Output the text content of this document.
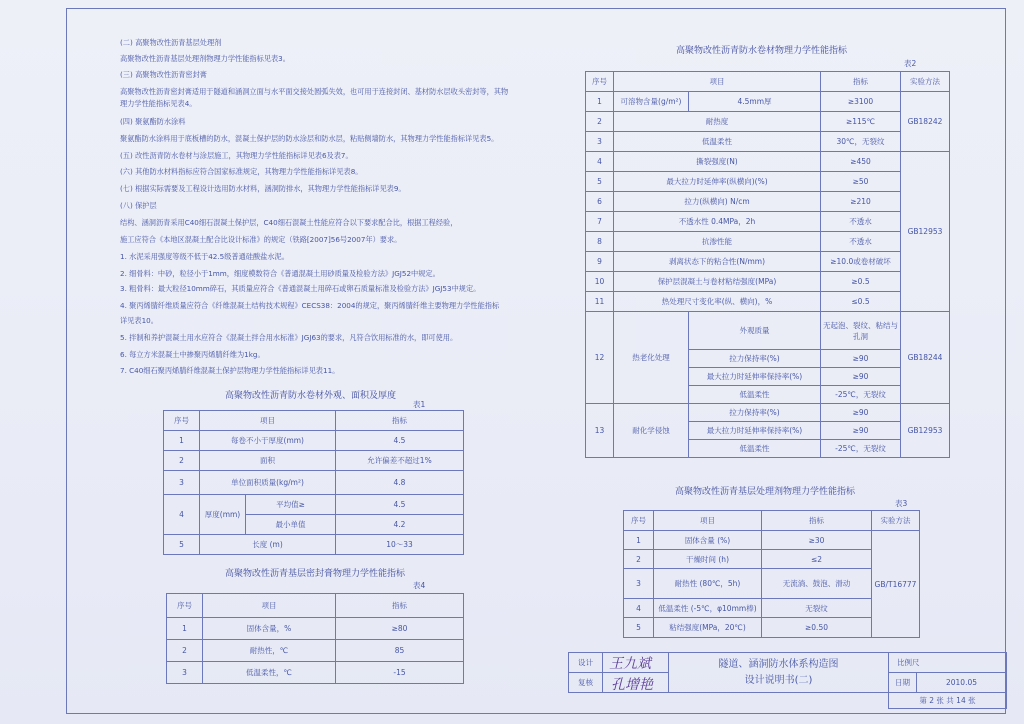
(二) 高聚物改性沥青基层处理剂
高聚物改性沥青基层处理剂物理力学性能指标见表3。
(三) 高聚物改性沥青密封膏
高聚物改性沥青密封膏适用于隧道和涵洞立面与水平面交接处圆弧失效，也可用于连接封闭、基材防水层收头密封等，其物
理力学性能指标见表4。
(四) 聚氨酯防水涂料
聚氨酯防水涂料用于底板槽的防水，混凝土保护层的防水涂层和防水层，粘贴侧墙防水，其物理力学性能指标详见表5。
(五) 改性沥青防水卷材与涂层施工，其物理力学性能指标详见表6及表7。
(六) 其他防水材料指标应符合国家标准规定，其物理力学性能指标详见表8。
(七) 根据实际需要及工程设计选用防水材料，涵洞防排水，其物理力学性能指标详见表9。
(八) 保护层
结构、涵洞沥青采用C40细石混凝土保护层，C40细石混凝土性能应符合以下要求配合比，根据工程经验，
施工应符合《本地区混凝土配合比设计标准》的规定（铁路[2007]56号2007年）要求。
1. 水泥采用强度等级不低于42.5级普通硅酸盐水泥。
2. 细骨料：中砂，粒径小于1mm，细度模数符合《普通混凝土用砂质量及检验方法》JGJ52中规定。
3. 粗骨料：最大粒径10mm碎石，其质量应符合《普通混凝土用碎石或卵石质量标准及检验方法》JGJ53中规定。
4. 聚丙烯腈纤维质量应符合《纤维混凝土结构技术规程》CECS38：2004的规定，聚丙烯腈纤维主要物理力学性能指标
详见表10。
5. 拌制和养护混凝土用水应符合《混凝土拌合用水标准》JGJ63的要求，凡符合饮用标准的水，即可使用。
6. 每立方米混凝土中掺聚丙烯腈纤维为1kg。
7. C40细石聚丙烯腈纤维混凝土保护层物理力学性能指标详见表11。
高聚物改性沥青防水卷材外观、面积及厚度
表1
序号	项目		指标
1	每卷不小于厚度(mm)		4.5
2	面积		允许偏差不超过1%
3	单位面积质量(kg/m²)		4.8
4	厚度(mm)	平均值≥	4.5
		最小单值	4.2
5	长度 (m)		10～33
高聚物改性沥青基层密封膏物理力学性能指标
表4
序号	项目	指标
1	固体含量，%	≥80
2	耐热性，℃	85
3	低温柔性，℃	-15
高聚物改性沥青防水卷材物理力学性能指标
表2
序号	项目		指标	实验方法
1	可溶物含量(g/m²)	4.5mm厚	≥3100	GB18242
2	耐热度		≥115℃	
3	低温柔性		30℃，无裂纹	
4	撕裂强度(N)		≥450	GB12953
5	最大拉力时延伸率(纵横向)(%)		≥50	
6	拉力(纵横向) N/cm		≥210	
7	不透水性 0.4MPa，2h		不透水	
8	抗渗性能		不透水	
9	剥离状态下的粘合性(N/mm)		≥10.0或卷材破坏	
10	保护层混凝土与卷材粘结强度(MPa)		≥0.5	
11	热处理尺寸变化率(纵、横向)，%		≤0.5	
12	热老化处理	外观质量	无起泡、裂纹、粘结与孔洞	GB18244
		拉力保持率(%)	≥90	
		最大拉力时延伸率保持率(%)	≥90	
		低温柔性	-25℃，无裂纹	
13	耐化学侵蚀	拉力保持率(%)	≥90	GB12953
		最大拉力时延伸率保持率(%)	≥90	
		低温柔性	-25℃，无裂纹	
高聚物改性沥青基层处理剂物理力学性能指标
表3
序号	项目	指标	实验方法
1	固体含量 (%)	≥30	GB/T16777
2	干燥时间 (h)	≤2	
3	耐热性 (80℃，5h)	无流淌、鼓泡、滑动	
4	低温柔性 (-5℃，φ10mm棒)	无裂纹	
5	粘结强度(MPa，20℃)	≥0.50	
设计	王九斌	隧道、涵洞防水体系构造图
设计说明书(二)	比例尺	
复核	孔增艳		日期	2010.05
			第 2 张 共 14 张	
